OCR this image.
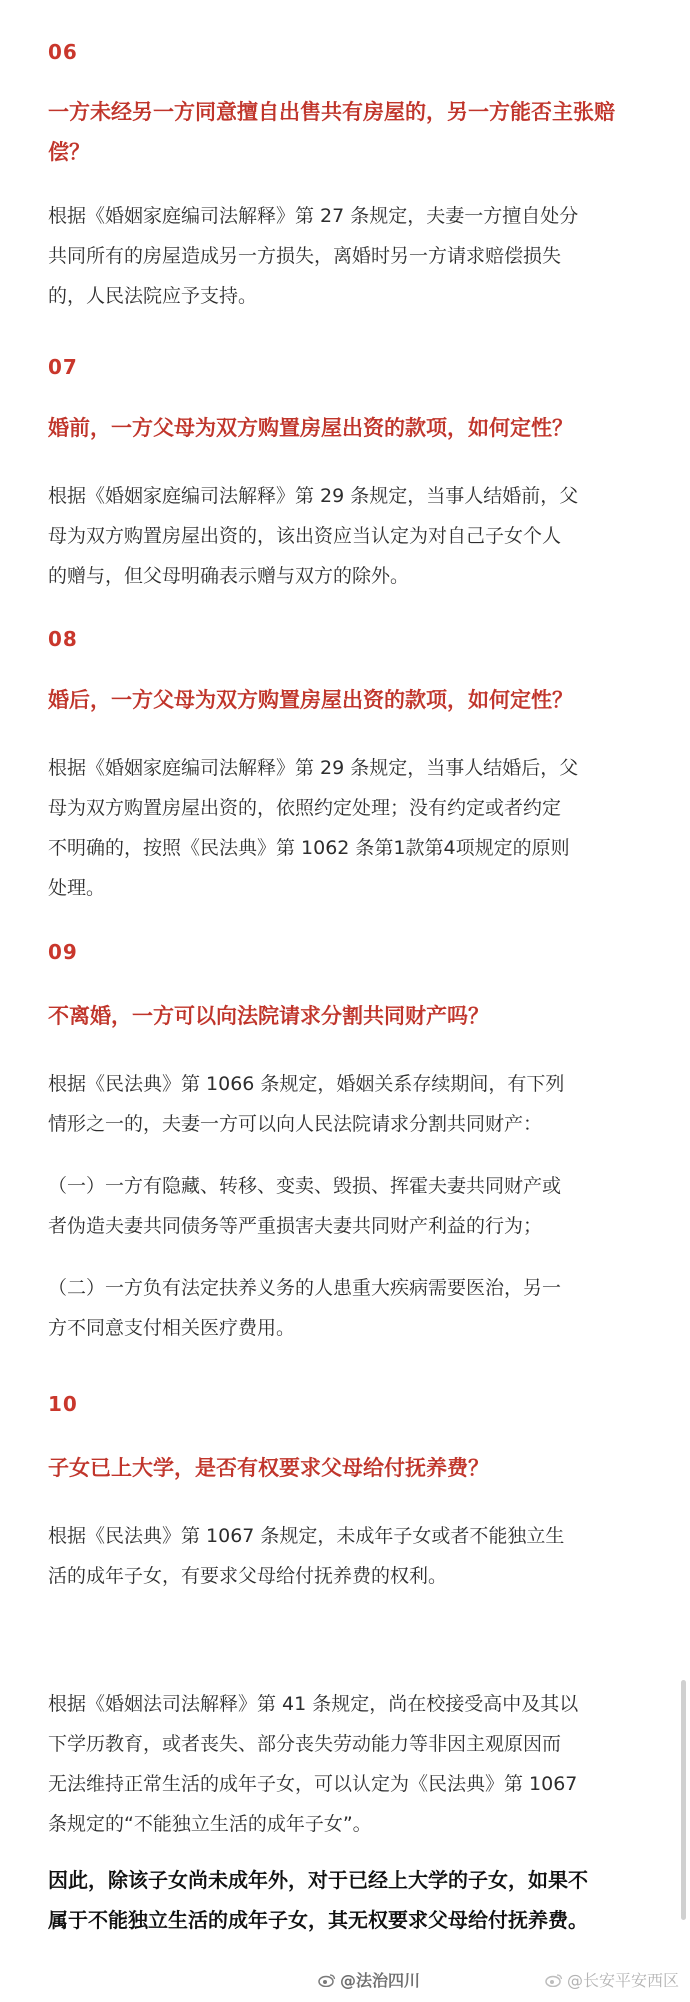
06
一方未经另一方同意擅自出售共有房屋的，另一方能否主张赔
偿？
根据《婚姻家庭编司法解释》第 27 条规定，夫妻一方擅自处分
共同所有的房屋造成另一方损失，离婚时另一方请求赔偿损失
的，人民法院应予支持。
07
婚前，一方父母为双方购置房屋出资的款项，如何定性？
根据《婚姻家庭编司法解释》第 29 条规定，当事人结婚前，父
母为双方购置房屋出资的，该出资应当认定为对自己子女个人
的赠与，但父母明确表示赠与双方的除外。
08
婚后，一方父母为双方购置房屋出资的款项，如何定性？
根据《婚姻家庭编司法解释》第 29 条规定，当事人结婚后，父
母为双方购置房屋出资的，依照约定处理；没有约定或者约定
不明确的，按照《民法典》第 1062 条第1款第4项规定的原则
处理。
09
不离婚，一方可以向法院请求分割共同财产吗？
根据《民法典》第 1066 条规定，婚姻关系存续期间，有下列
情形之一的，夫妻一方可以向人民法院请求分割共同财产：
（一）一方有隐藏、转移、变卖、毁损、挥霍夫妻共同财产或
者伪造夫妻共同债务等严重损害夫妻共同财产利益的行为；
（二）一方负有法定扶养义务的人患重大疾病需要医治，另一
方不同意支付相关医疗费用。
10
子女已上大学，是否有权要求父母给付抚养费？
根据《民法典》第 1067 条规定，未成年子女或者不能独立生
活的成年子女，有要求父母给付抚养费的权利。
根据《婚姻法司法解释》第 41 条规定，尚在校接受高中及其以
下学历教育，或者丧失、部分丧失劳动能力等非因主观原因而
无法维持正常生活的成年子女，可以认定为《民法典》第 1067
条规定的“不能独立生活的成年子女”。
因此，除该子女尚未成年外，对于已经上大学的子女，如果不
属于不能独立生活的成年子女，其无权要求父母给付抚养费。
@法治四川	@长安平安西区
